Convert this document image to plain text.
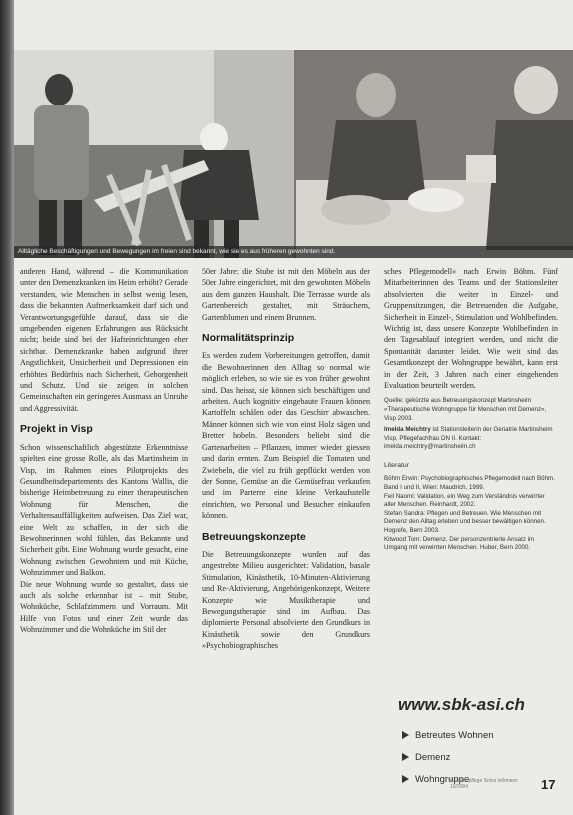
Alltägliche Beschäftigungen und Bewegungen im freien sind bekannt, wie sie es aus früheren gewohnten sind.

anderen Hand, während – die Kommunikation unter den Demenzkranken im Heim erhöht? Gerade verstanden, wie Menschen in selbst wenig lesen, dass die bekannten Aufmerksamkeit darf sich und Verantwortungsgefühle darauf, dass sie die umgebenden eigenen Erfahrungen aus Rücksicht nicht; beide sind bei der Hafteinrichtungen eher sichtbar. Demenzkranke haben aufgrund ihrer Angstlichkeit, Unsicherheit und Depressionen ein erhöhtes Bedürfnis nach Sicherheit, Geborgenheit und Schutz. Und sie zeigen in solchen Gemeinschaften ein geringeres Ausmass an Unruhe und Aggressivität.

Projekt in Visp

Schon wissenschaftlich abgestützte Erkenntnisse spielten eine grosse Rolle, als das Martinsheim in Visp, im Rahmen eines Pilotprojekts des Gesundheitsdepartements des Kantons Wallis, die bisherige Heimbetreuung zu einer therapeutischen Wohnung für Menschen, die Verhaltensauffälligkeiten aufweisen. Das Ziel war, eine Welt zu schaffen, in der sich die Bewohnerinnen wohl fühlen, das Bekannte und Sicherheit gibt. Eine Wohnung wurde gesucht, eine Wohnung zwischen Gewohntem und mit Küche, Wohnzimmer und Balkon.

Die neue Wohnung wurde so gestaltet, dass sie auch als solche erkennbar ist – mit Stube, Wohnküche, Schlafzimmern und Vorraum. Mit Hilfe von Fotos und einer Zeit wurde das Wohnzimmer und die Wohnküche im Stil der

50er Jahre: die Stube ist mit den Möbeln aus der 50er Jahre eingerichtet, mit den gewohnten Möbeln aus dem ganzen Haushalt. Die Terrasse wurde als Gartenbereich gestaltet, mit Sträuchern, Gartenblumen und einem Brunnen.

Normalitätsprinzip

Es werden zudem Vorbereitungen getroffen, damit die Bewohnerinnen den Alltag so normal wie möglich erleben, so wie sie es von früher gewohnt sind. Das heisst, sie können sich beschäftigen und arbeiten. Auch kognitiv eingebaute Frauen können Kartoffeln schälen oder das Geschirr abwaschen. Männer können sich wie von einst Holz sägen und Bretter hobeln. Besonders beliebt sind die Gartenarbeiten – Pflanzen, immer wieder giessen und darin ernten. Zum Beispiel die Tomaten und Zwiebeln, die viel zu früh gepflückt werden von der Sonne, Gemüse an die Gemüsefrau verkaufen und im Parterre eine kleine Verkaufsstelle einrichten, wo Personal und Besucher einkaufen können.

Betreuungskonzepte

Die Betreuungskonzepte wurden auf das angestrebte Milieu ausgerichtet: Validation, basale Stimulation, Kinästhetik, 10-Minuten-Aktivierung und Re-Aktivierung, Angehörigenkonzept, Weitere Konzepte wie Musiktherapie und Bewegungstherapie sind im Aufbau. Das diplomierte Personal absolvierte den Grundkurs in Kinästhetik sowie den Grundkurs »Psychobiographisches

sches Pflegemodell« nach Erwin Böhm. Fünf Mitarbeiterinnen des Teams und der Stationsleiter absolvierten die weiter in Einzel- und Gruppensitzungen, die Betreuenden die Aufgabe, Sicherheit in Einzel-, Stimulation und Wohlbefinden. Wichtig ist, dass unsere Konzepte Wohlbefinden in den Tagesablauf integriert werden, und nicht die Spontanität darunter leidet. Wie weit sind das Gesamtkonzept der Wohngruppe bewährt, kann erst in der Zeit, 3 Jahren nach einer eingehenden Evaluation beurteilt werden.

Quelle: gekürzte aus Betreuungskonzept Martinsheim «Therapeutische Wohngruppe für Menschen mit Demenz», Visp 2003.

Imelda Meichtry ist Stationsleiterin der Geriatrie Martinsheim Visp, Pflegefachfrau DN II. Kontakt: imelda.meichtry@martinsheim.ch

Literatur

Böhm Erwin: Psychobiographisches Pflegemodell nach Böhm. Band I und II, Wien: Maudrich, 1999.

Feil Naomi: Validation, ein Weg zum Verständnis verwirrter alter Menschen. Reinhardt, 2002.

Stefan Sandra: Pflegen und Betreuen. Wie Menschen mit Demenz den Alltag erleben und besser bewältigen können. Hogrefe, Bern 2003.

Kitwood Tom: Demenz. Der personzentrierte Ansatz im Umgang mit verwirrten Menschen. Huber, Bern 2000.

www.sbk-asi.ch
Betreutes Wohnen
Demenz
Wohngruppe
Krankenpflege Soins infirmiers 10/2004	17
